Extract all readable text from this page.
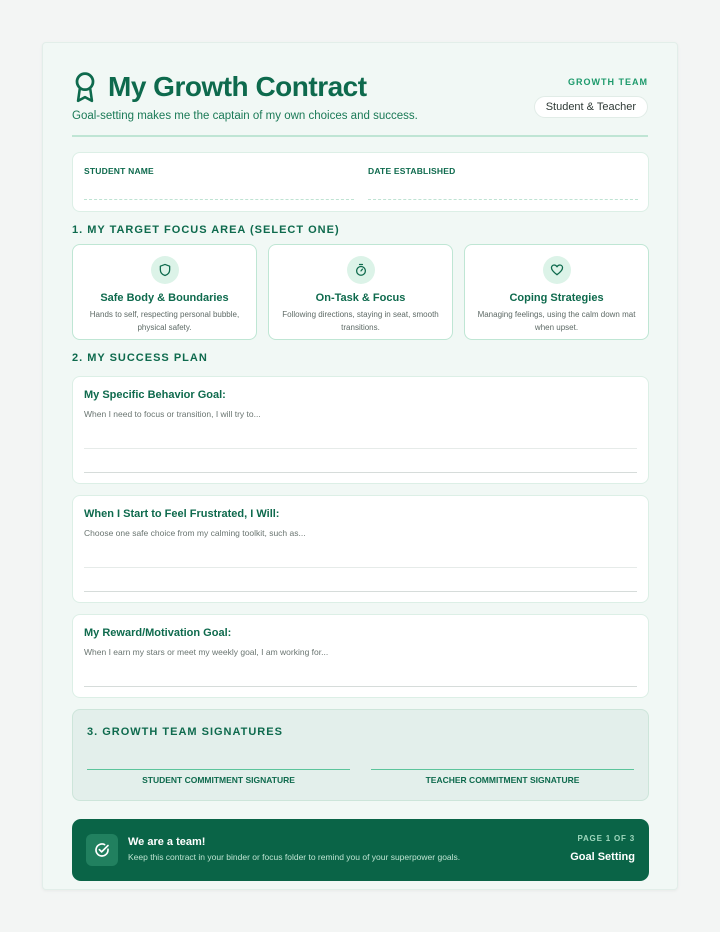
My Growth Contract

Goal-setting makes me the captain of my own choices and success.

GROWTH TEAM
Student & Teacher
STUDENT NAME	DATE ESTABLISHED
1. MY TARGET FOCUS AREA (SELECT ONE)
Safe Body & Boundaries
Hands to self, respecting personal bubble, physical safety.
On-Task & Focus
Following directions, staying in seat, smooth transitions.
Coping Strategies
Managing feelings, using the calm down mat when upset.
2. MY SUCCESS PLAN
My Specific Behavior Goal:
When I need to focus or transition, I will try to...
When I Start to Feel Frustrated, I Will:
Choose one safe choice from my calming toolkit, such as...
My Reward/Motivation Goal:
When I earn my stars or meet my weekly goal, I am working for...
3. GROWTH TEAM SIGNATURES
STUDENT COMMITMENT SIGNATURE	TEACHER COMMITMENT SIGNATURE
We are a team!
Keep this contract in your binder or focus folder to remind you of your superpower goals.
PAGE 1 OF 3
Goal Setting
